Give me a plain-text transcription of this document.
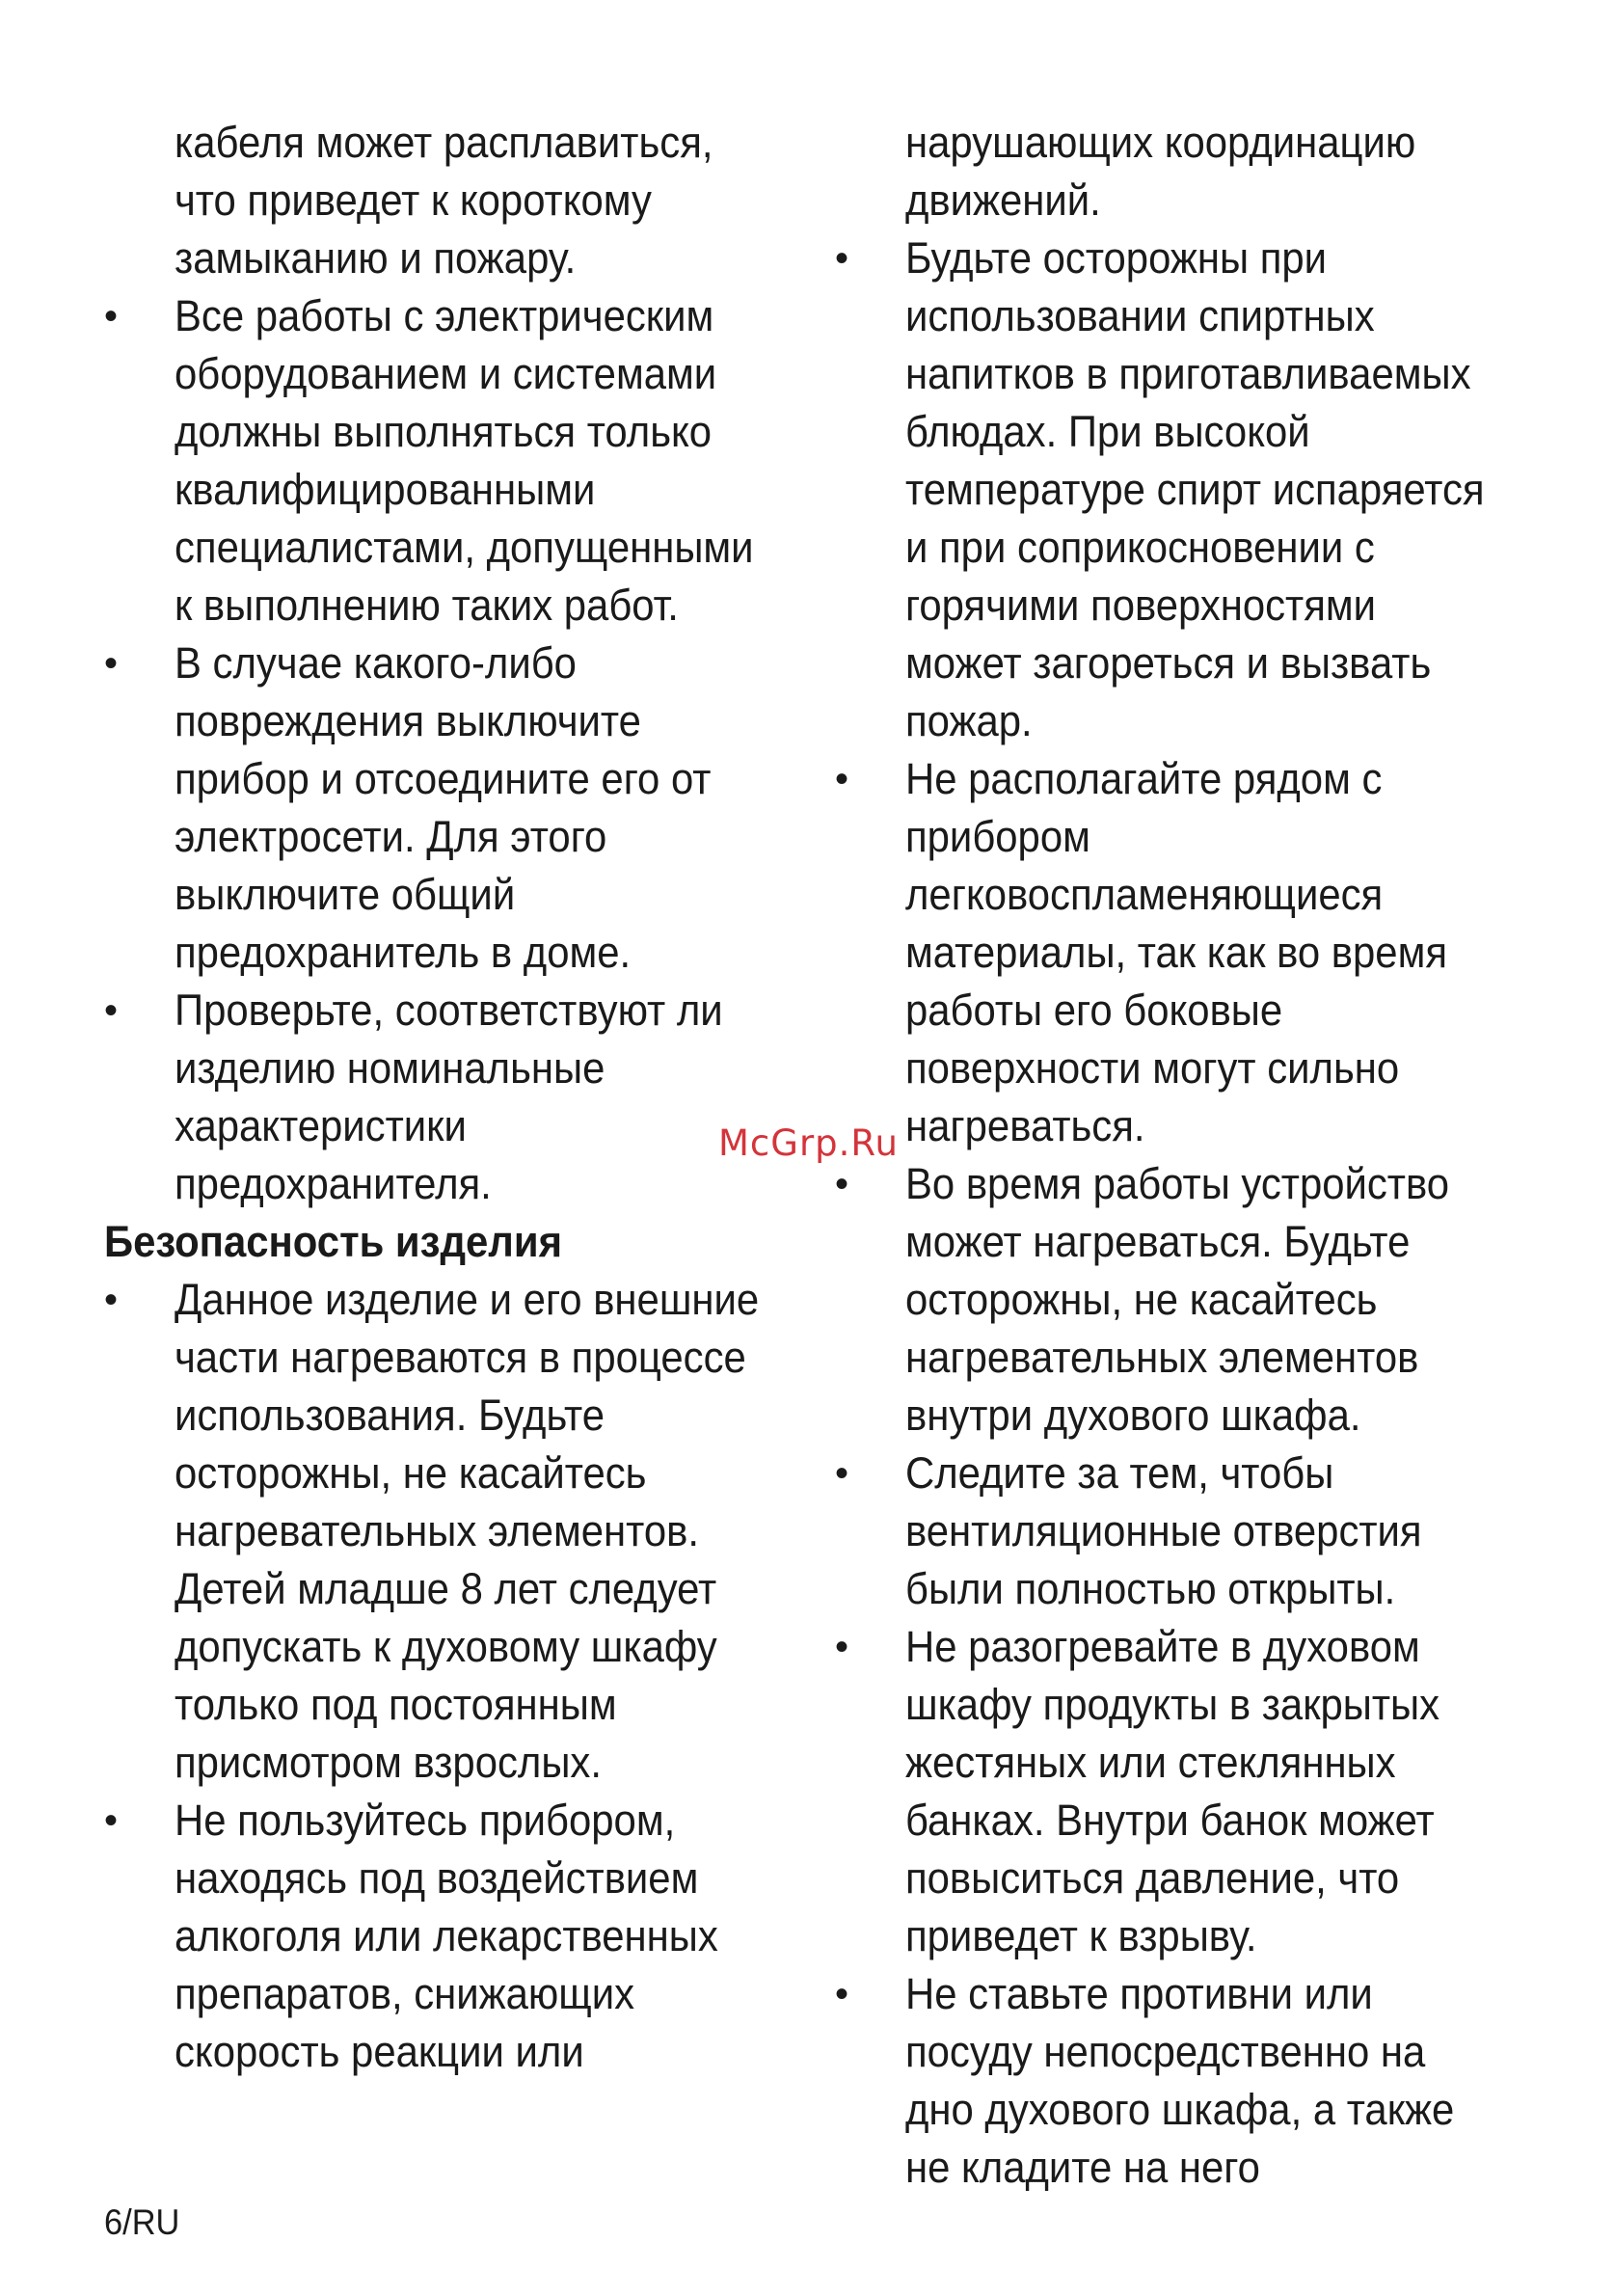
кабеля может расплавиться,
что приведет к короткому
замыканию и пожару.
• Все работы с электрическим
оборудованием и системами
должны выполняться только
квалифицированными
специалистами, допущенными
к выполнению таких работ.
• В случае какого-либо
повреждения выключите
прибор и отсоедините его от
электросети. Для этого
выключите общий
предохранитель в доме.
• Проверьте, соответствуют ли
изделию номинальные
характеристики
предохранителя.
Безопасность изделия
• Данное изделие и его внешние
части нагреваются в процессе
использования. Будьте
осторожны, не касайтесь
нагревательных элементов.
Детей младше 8 лет следует
допускать к духовому шкафу
только под постоянным
присмотром взрослых.
• Не пользуйтесь прибором,
находясь под воздействием
алкоголя или лекарственных
препаратов, снижающих
скорость реакции или
нарушающих координацию
движений.
• Будьте осторожны при
использовании спиртных
напитков в приготавливаемых
блюдах. При высокой
температуре спирт испаряется
и при соприкосновении с
горячими поверхностями
может загореться и вызвать
пожар.
• Не располагайте рядом с
прибором
легковоспламеняющиеся
материалы, так как во время
работы его боковые
поверхности могут сильно
нагреваться.
• Во время работы устройство
может нагреваться. Будьте
осторожны, не касайтесь
нагревательных элементов
внутри духового шкафа.
• Следите за тем, чтобы
вентиляционные отверстия
были полностью открыты.
• Не разогревайте в духовом
шкафу продукты в закрытых
жестяных или стеклянных
банках. Внутри банок может
повыситься давление, что
приведет к взрыву.
• Не ставьте противни или
посуду непосредственно на
дно духового шкафа, а также
не кладите на него
McGrp.Ru
6/RU
